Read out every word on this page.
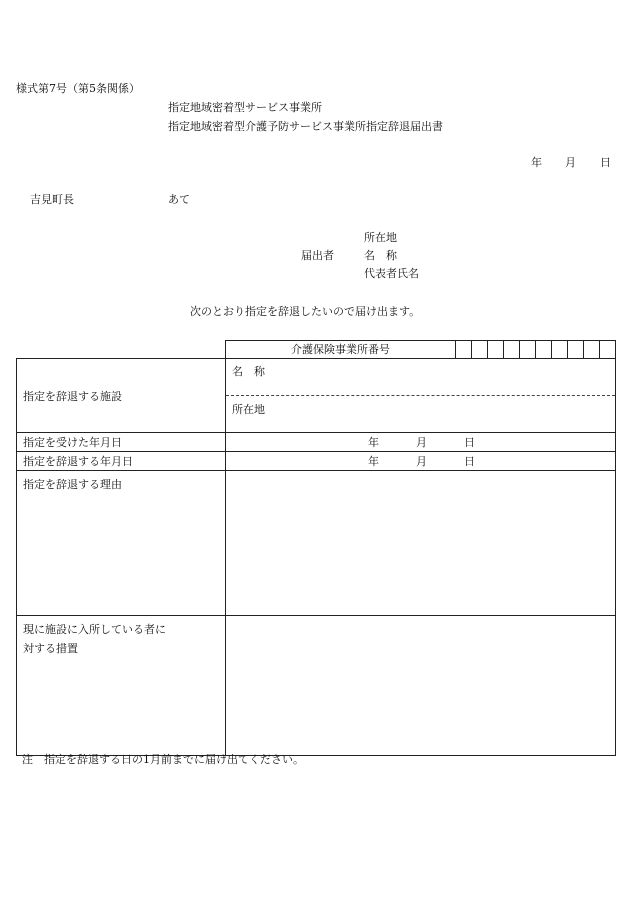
様式第7号（第5条関係）
指定地域密着型サービス事業所
指定地域密着型介護予防サービス事業所指定辞退届出書
年 月 日
吉見町長	あて
所在地
届出者	名　称
代表者氏名
次のとおり指定を辞退したいので届け出ます。

	介護保険事業所番号

指定を辞退する施設	名　称
所在地

指定を受けた年月日	年 月 日

指定を辞退する年月日	年 月 日

指定を辞退する理由	

現に施設に入所している者に
対する措置	

注　指定を辞退する日の1月前までに届け出てください。
